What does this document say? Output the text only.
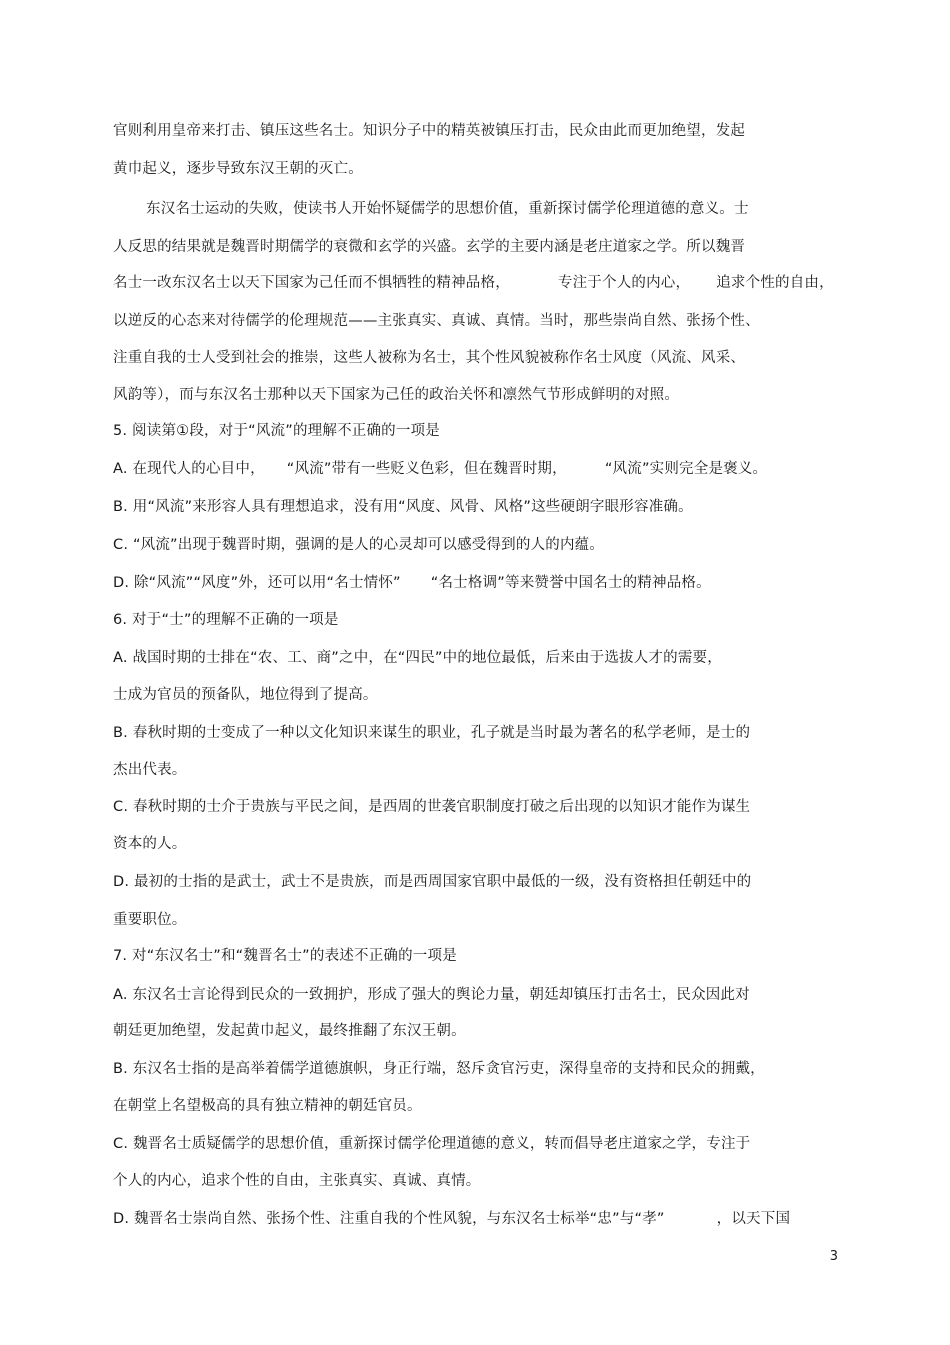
官则利用皇帝来打击、镇压这些名士。知识分子中的精英被镇压打击，民众由此而更加绝望，发起
黄巾起义，逐步导致东汉王朝的灭亡。
东汉名士运动的失败，使读书人开始怀疑儒学的思想价值，重新探讨儒学伦理道德的意义。士
人反思的结果就是魏晋时期儒学的衰微和玄学的兴盛。玄学的主要内涵是老庄道家之学。所以魏晋
名士一改东汉名士以天下国家为己任而不惧牺牲的精神品格，	专注于个人的内心， 追求个性的自由，
以逆反的心态来对待儒学的伦理规范——主张真实、真诚、真情。当时，那些崇尚自然、张扬个性、
注重自我的士人受到社会的推崇，这些人被称为名士，其个性风貌被称作名士风度（风流、风采、
风韵等），而与东汉名士那种以天下国家为己任的政治关怀和凛然气节形成鲜明的对照。
5. 阅读第①段，对于“风流”的理解不正确的一项是
A. 在现代人的心目中， “风流”带有一些贬义色彩，但在魏晋时期，	“风流”实则完全是褒义。
B. 用“风流”来形容人具有理想追求，没有用“风度、风骨、风格”这些硬朗字眼形容准确。
C. “风流”出现于魏晋时期，强调的是人的心灵却可以感受得到的人的内蕴。
D. 除“风流”“风度”外，还可以用“名士情怀” “名士格调”等来赞誉中国名士的精神品格。
6. 对于“士”的理解不正确的一项是
A. 战国时期的士排在“农、工、商”之中，在“四民”中的地位最低，后来由于选拔人才的需要，
士成为官员的预备队，地位得到了提高。
B. 春秋时期的士变成了一种以文化知识来谋生的职业，孔子就是当时最为著名的私学老师，是士的
杰出代表。
C. 春秋时期的士介于贵族与平民之间，是西周的世袭官职制度打破之后出现的以知识才能作为谋生
资本的人。
D. 最初的士指的是武士，武士不是贵族，而是西周国家官职中最低的一级，没有资格担任朝廷中的
重要职位。
7. 对“东汉名士”和“魏晋名士”的表述不正确的一项是
A. 东汉名士言论得到民众的一致拥护，形成了强大的舆论力量，朝廷却镇压打击名士，民众因此对
朝廷更加绝望，发起黄巾起义，最终推翻了东汉王朝。
B. 东汉名士指的是高举着儒学道德旗帜，身正行端，怒斥贪官污吏，深得皇帝的支持和民众的拥戴，
在朝堂上名望极高的具有独立精神的朝廷官员。
C. 魏晋名士质疑儒学的思想价值，重新探讨儒学伦理道德的意义，转而倡导老庄道家之学，专注于
个人的内心，追求个性的自由，主张真实、真诚、真情。
D. 魏晋名士崇尚自然、张扬个性、注重自我的个性风貌，与东汉名士标举“忠”与“孝”	，以天下国
3
